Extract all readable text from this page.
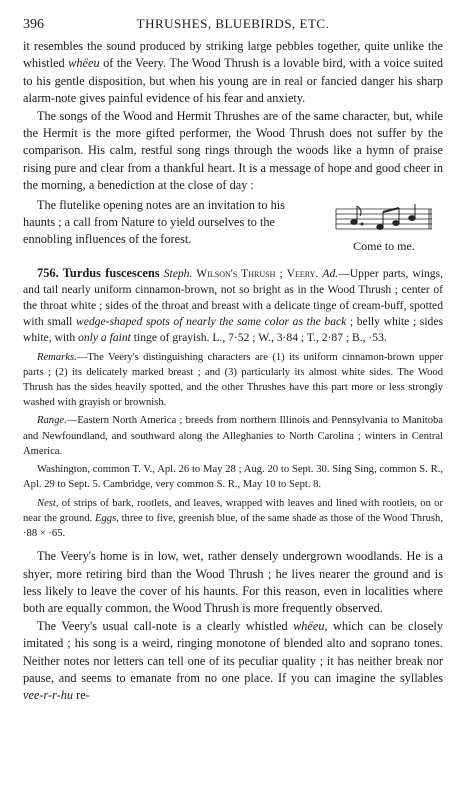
396	THRUSHES, BLUEBIRDS, ETC.

it resembles the sound produced by striking large pebbles together, quite unlike the whistled whëeu of the Veery. The Wood Thrush is a lovable bird, with a voice suited to his gentle disposition, but when his young are in real or fancied danger his sharp alarm-note gives painful evidence of his fear and anxiety.

The songs of the Wood and Hermit Thrushes are of the same character, but, while the Hermit is the more gifted performer, the Wood Thrush does not suffer by the comparison. His calm, restful song rings through the woods like a hymn of praise rising pure and clear from a thankful heart. It is a message of hope and good cheer in the morning, a benediction at the close of day :

The flutelike opening notes are an invitation to his haunts ; a call from Nature to yield ourselves to the ennobling influences of the forest.	Come to me.

756. Turdus fuscescens Steph. Wilson's Thrush ; Veery. Ad.—Upper parts, wings, and tail nearly uniform cinnamon-brown, not so bright as in the Wood Thrush ; center of the throat white ; sides of the throat and breast with a delicate tinge of cream-buff, spotted with small wedge-shaped spots of nearly the same color as the back ; belly white ; sides white, with only a faint tinge of grayish. L., 7·52 ; W., 3·84 ; T., 2·87 ; B., ·53.

Remarks.—The Veery's distinguishing characters are (1) its uniform cinnamon-brown upper parts ; (2) its delicately marked breast ; and (3) particularly its almost white sides. The Wood Thrush has the sides heavily spotted, and the other Thrushes have this part more or less strongly washed with grayish or brownish.

Range.—Eastern North America ; breeds from northern Illinois and Pennsylvania to Manitoba and Newfoundland, and southward along the Alleghanies to North Carolina ; winters in Central America.

Washington, common T. V., Apl. 26 to May 28 ; Aug. 20 to Sept. 30. Sing Sing, common S. R., Apl. 29 to Sept. 5. Cambridge, very common S. R., May 10 to Sept. 8.

Nest, of strips of bark, rootlets, and leaves, wrapped with leaves and lined with rootlets, on or near the ground. Eggs, three to five, greenish blue, of the same shade as those of the Wood Thrush, ·88 × ·65.

The Veery's home is in low, wet, rather densely undergrown woodlands. He is a shyer, more retiring bird than the Wood Thrush ; he lives nearer the ground and is less likely to leave the cover of his haunts. For this reason, even in localities where both are equally common, the Wood Thrush is more frequently observed.

The Veery's usual call-note is a clearly whistled whëeu, which can be closely imitated ; his song is a weird, ringing monotone of blended alto and soprano tones. Neither notes nor letters can tell one of its peculiar quality ; it has neither break nor pause, and seems to emanate from no one place. If you can imagine the syllables vee-r-r-hu re-
